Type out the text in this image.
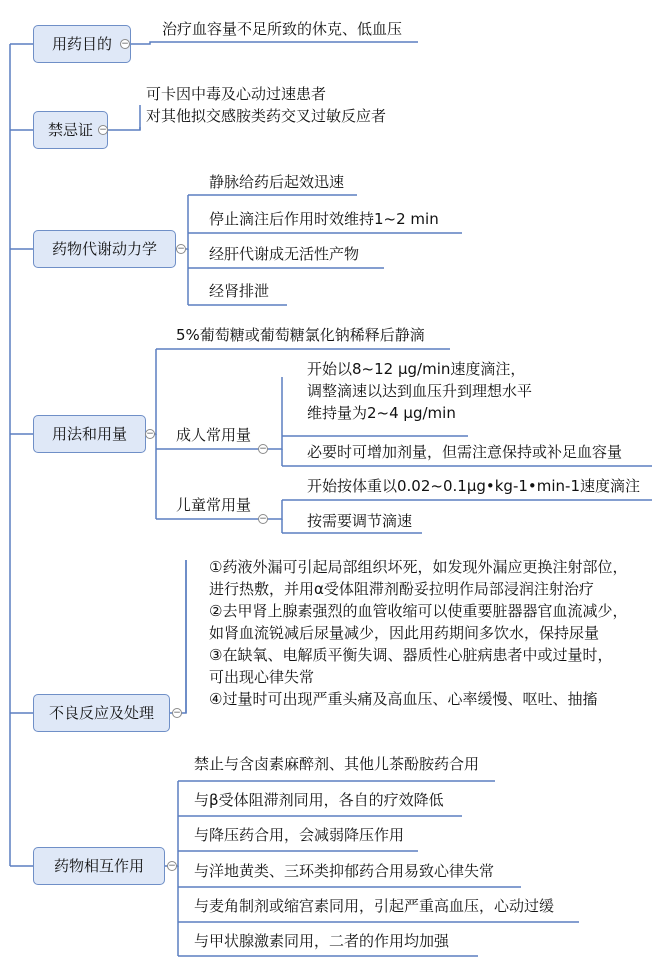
用药目的
禁忌证
药物代谢动力学
用法和用量
不良反应及处理
药物相互作用
−
−
−
−
−
−
−
−
治疗血容量不足所致的休克、低血压
可卡因中毒及心动过速患者
对其他拟交感胺类药交叉过敏反应者
静脉给药后起效迅速
停止滴注后作用时效维持1~2 min
经肝代谢成无活性产物
经肾排泄
5%葡萄糖或葡萄糖氯化钠稀释后静滴
成人常用量
开始以8~12 μg/min速度滴注，
调整滴速以达到血压升到理想水平
维持量为2~4 μg/min
必要时可增加剂量，但需注意保持或补足血容量
儿童常用量
开始按体重以0.02~0.1μg•kg-1•min-1速度滴注
按需要调节滴速
①药液外漏可引起局部组织坏死，如发现外漏应更换注射部位，
进行热敷，并用α受体阻滞剂酚妥拉明作局部浸润注射治疗
②去甲肾上腺素强烈的血管收缩可以使重要脏器器官血流减少，
如肾血流锐减后尿量减少，因此用药期间多饮水，保持尿量
③在缺氧、电解质平衡失调、器质性心脏病患者中或过量时，
可出现心律失常
④过量时可出现严重头痛及高血压、心率缓慢、呕吐、抽搐
禁止与含卤素麻醉剂、其他儿茶酚胺药合用
与β受体阻滞剂同用，各自的疗效降低
与降压药合用，会减弱降压作用
与洋地黄类、三环类抑郁药合用易致心律失常
与麦角制剂或缩宫素同用，引起严重高血压，心动过缓
与甲状腺激素同用，二者的作用均加强
